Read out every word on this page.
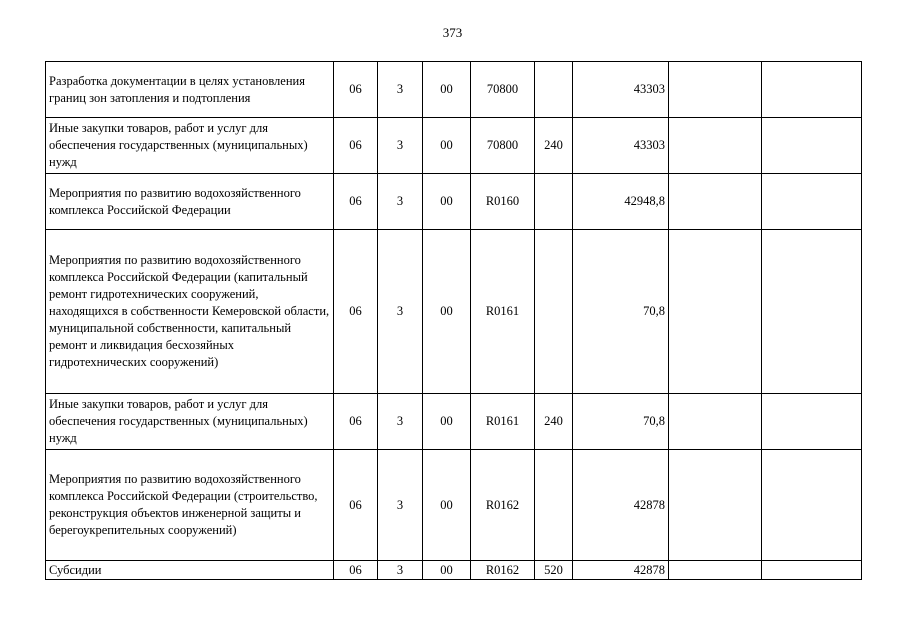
373
Разработка документации в целях установления границ зон затопления и подтопления	06	3	00	70800		43303		
Иные закупки товаров, работ и услуг для обеспечения государственных (муниципальных) нужд	06	3	00	70800	240	43303		
Мероприятия по развитию водохозяйственного комплекса Российской Федерации	06	3	00	R0160		42948,8		
Мероприятия по развитию водохозяйственного комплекса Российской Федерации (капитальный ремонт гидротехнических сооружений, находящихся в собственности Кемеровской области, муниципальной собственности, капитальный ремонт и ликвидация бесхозяйных гидротехнических сооружений)	06	3	00	R0161		70,8		
Иные закупки товаров, работ и услуг для обеспечения государственных (муниципальных) нужд	06	3	00	R0161	240	70,8		
Мероприятия по развитию водохозяйственного комплекса Российской Федерации (строительство, реконструкция объектов инженерной защиты и берегоукрепительных сооружений)	06	3	00	R0162		42878		
Субсидии	06	3	00	R0162	520	42878		
